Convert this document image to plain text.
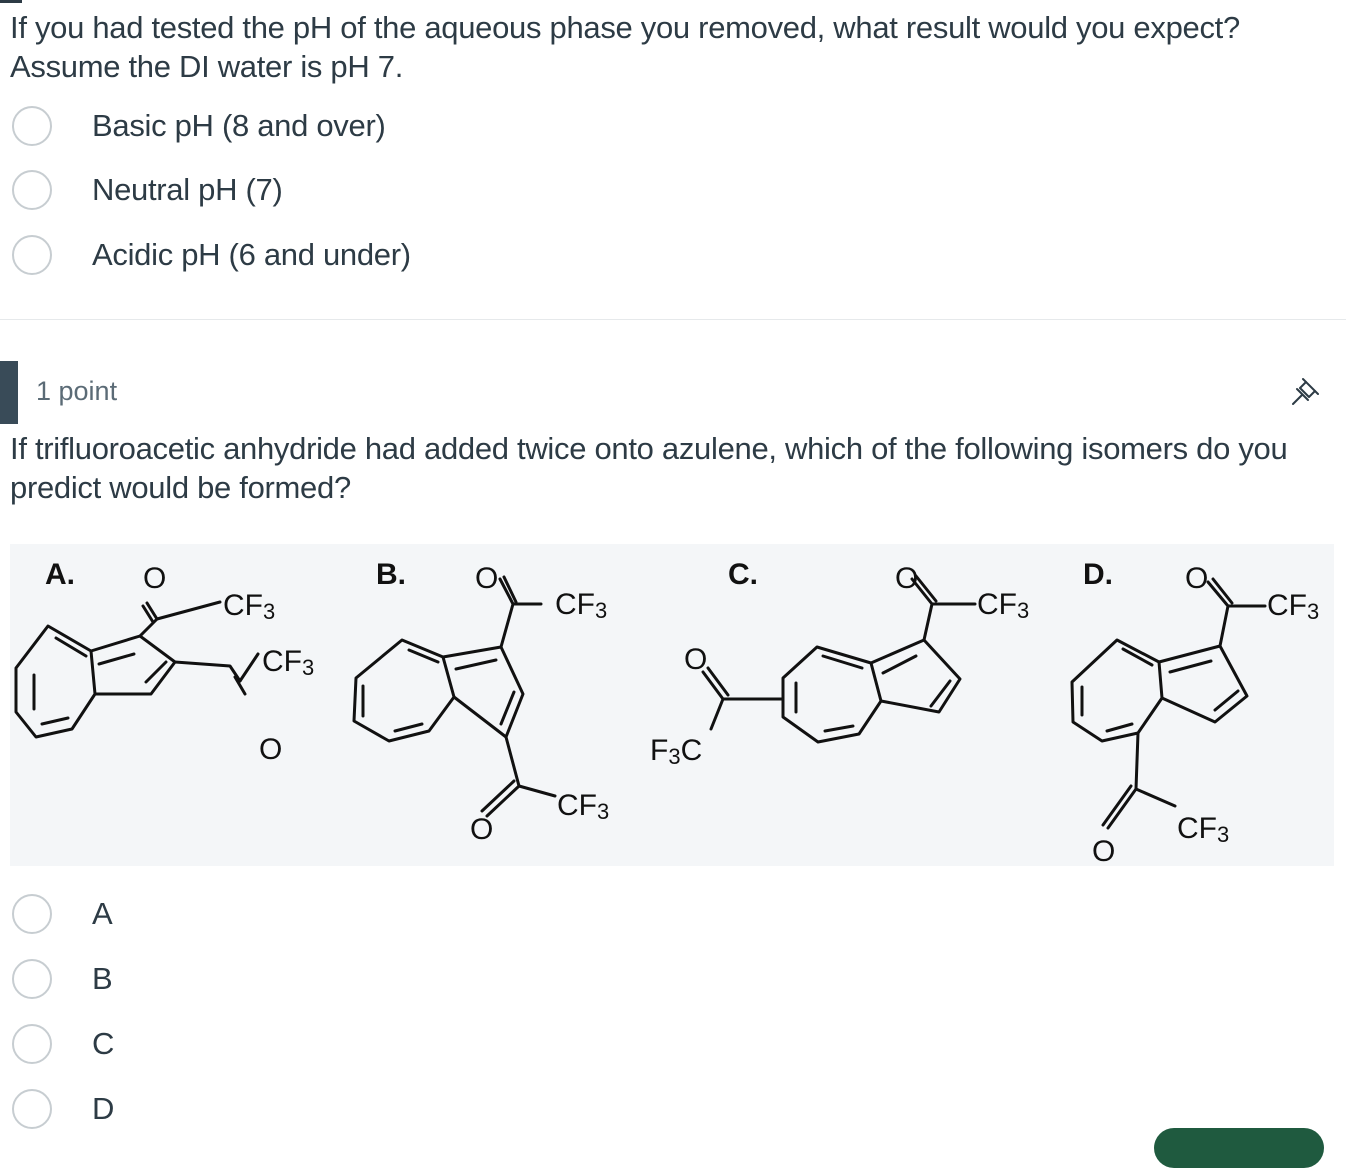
If you had tested the pH of the aqueous phase you removed, what result would you expect? Assume the DI water is pH 7.
Basic pH (8 and over)
Neutral pH (7)
Acidic pH (6 and under)
1 point
If trifluoroacetic anhydride had added twice onto azulene, which of the following isomers do you predict would be formed?
A.	B.	C.	D.
O
CF3
CF3
O
O
CF3
CF3
O
O
CF3
O
F3C
O
CF3
CF3
O
A
B
C
D
